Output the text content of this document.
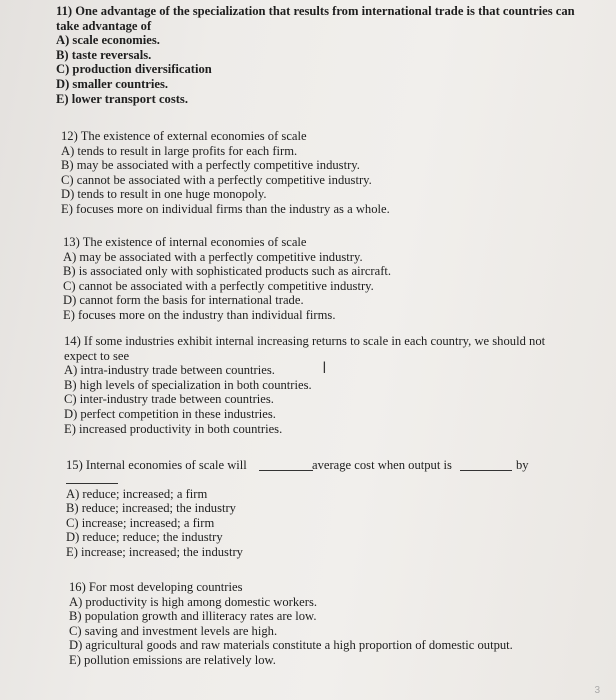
11) One advantage of the specialization that results from international trade is that countries can
take advantage of
A) scale economies.
B) taste reversals.
C) production diversification
D) smaller countries.
E) lower transport costs.
12) The existence of external economies of scale
A) tends to result in large profits for each firm.
B) may be associated with a perfectly competitive industry.
C) cannot be associated with a perfectly competitive industry.
D) tends to result in one huge monopoly.
E) focuses more on individual firms than the industry as a whole.
13) The existence of internal economies of scale
A) may be associated with a perfectly competitive industry.
B) is associated only with sophisticated products such as aircraft.
C) cannot be associated with a perfectly competitive industry.
D) cannot form the basis for international trade.
E) focuses more on the industry than individual firms.
14) If some industries exhibit internal increasing returns to scale in each country, we should not
expect to see
A) intra-industry trade between countries.
B) high levels of specialization in both countries.
C) inter-industry trade between countries.
D) perfect competition in these industries.
E) increased productivity in both countries.
I
15) Internal economies of scale will	average cost when output is	by
A) reduce; increased; a firm
B) reduce; increased; the industry
C) increase; increased; a firm
D) reduce; reduce; the industry
E) increase; increased; the industry
16) For most developing countries
A) productivity is high among domestic workers.
B) population growth and illiteracy rates are low.
C) saving and investment levels are high.
D) agricultural goods and raw materials constitute a high proportion of domestic output.
E) pollution emissions are relatively low.
3
